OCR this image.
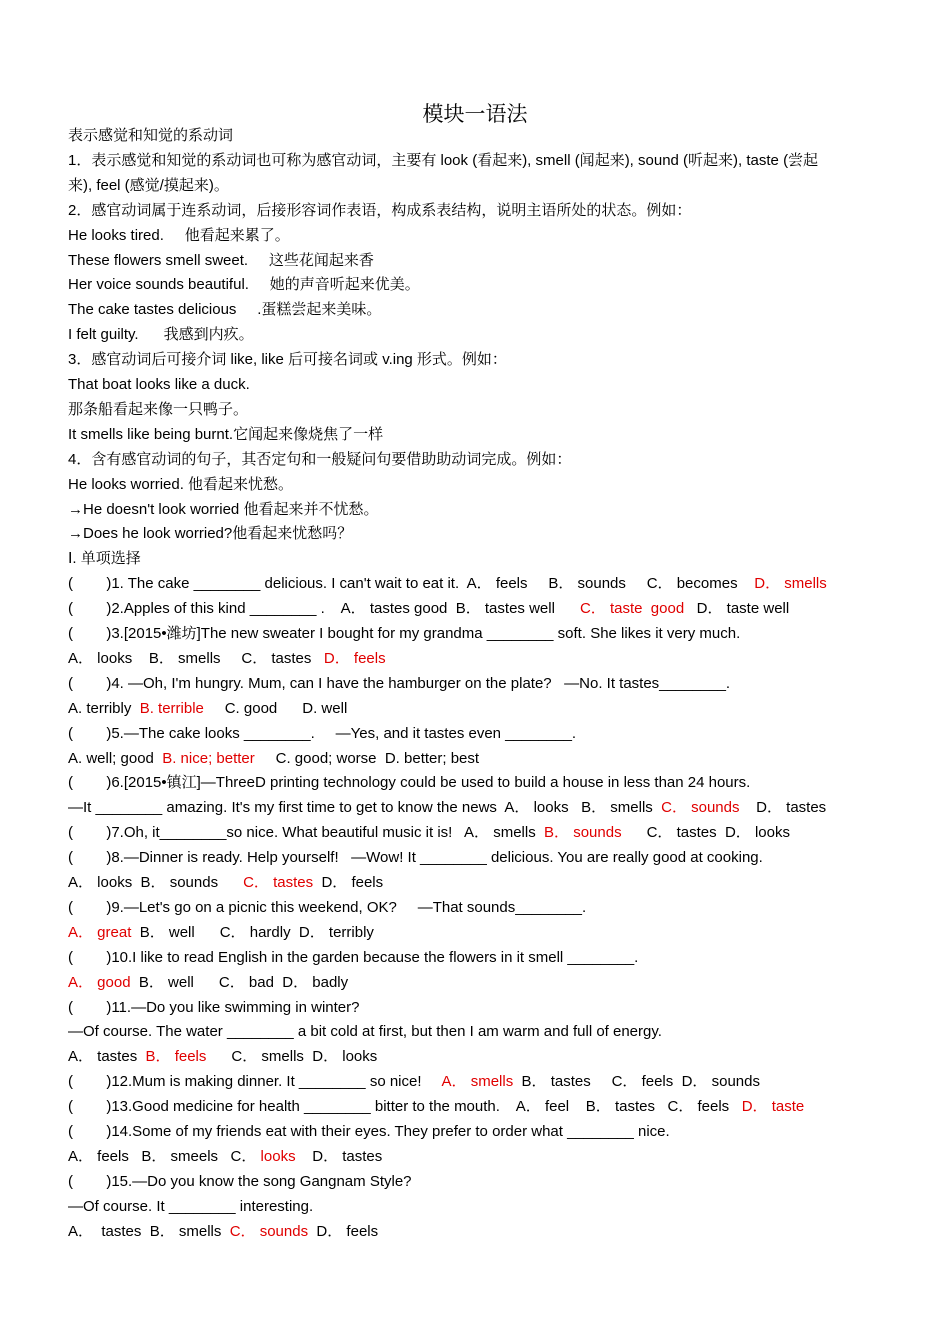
模块一语法
表示感觉和知觉的系动词
1．表示感觉和知觉的系动词也可称为感官动词，主要有 look (看起来), smell (闻起来), sound (听起来), taste (尝起
来), feel (感觉/摸起来)。
2．感官动词属于连系动词，后接形容词作表语，构成系表结构，说明主语所处的状态。例如：
He looks tired.     他看起来累了。
These flowers smell sweet.     这些花闻起来香
Her voice sounds beautiful.     她的声音听起来优美。
The cake tastes delicious     .蛋糕尝起来美味。
I felt guilty.      我感到内疚。
3．感官动词后可接介词 like, like 后可接名词或 v.ing 形式。例如：
That boat looks like a duck.
那条船看起来像一只鸭子。
It smells like being burnt.它闻起来像烧焦了一样
4．含有感官动词的句子，其否定句和一般疑问句要借助助动词完成。例如：
He looks worried. 他看起来忧愁。
→He doesn't look worried 他看起来并不忧愁。
→Does he look worried?他看起来忧愁吗？
Ⅰ. 单项选择
(        )1. The cake ________ delicious. I can't wait to eat it.  A． feels     B． sounds     C． becomes    D． smells
(        )2.Apples of this kind ________ .    A． tastes good  B． tastes well      C． taste  good   D． taste well
(        )3.[2015•潍坊]The new sweater I bought for my grandma ________ soft. She likes it very much.
A． looks    B． smells     C． tastes   D． feels
(        )4. —Oh, I'm hungry. Mum, can I have the hamburger on the plate?   —No. It tastes________.
A. terribly  B. terrible     C. good      D. well
(        )5.—The cake looks ________.     —Yes, and it tastes even ________.
A. well; good  B. nice; better     C. good; worse  D. better; best
(        )6.[2015•镇江]—ThreeD printing technology could be used to build a house in less than 24 hours.
—It ________ amazing. It's my first time to get to know the news  A． looks   B． smells  C． sounds    D． tastes
(        )7.Oh, it________so nice. What beautiful music it is!   A． smells  B． sounds      C． tastes  D． looks
(        )8.—Dinner is ready. Help yourself!   —Wow! It ________ delicious. You are really good at cooking.
A． looks  B． sounds      C． tastes  D． feels
(        )9.—Let's go on a picnic this weekend, OK?     —That sounds________.
A． great  B． well      C． hardly  D． terribly
(        )10.I like to read English in the garden because the flowers in it smell ________.
A． good  B． well      C． bad  D． badly
(        )11.—Do you like swimming in winter?
—Of course. The water ________ a bit cold at first, but then I am warm and full of energy.
A． tastes  B． feels      C． smells  D． looks
(        )12.Mum is making dinner. It ________ so nice!     A． smells  B． tastes     C． feels  D． sounds
(        )13.Good medicine for health ________ bitter to the mouth.    A． feel    B． tastes   C． feels   D． taste
(        )14.Some of my friends eat with their eyes. They prefer to order what ________ nice.
A． feels   B． smeels   C． looks    D． tastes
(        )15.—Do you know the song Gangnam Style?
—Of course. It ________ interesting.
A．  tastes  B． smells  C． sounds  D． feels
